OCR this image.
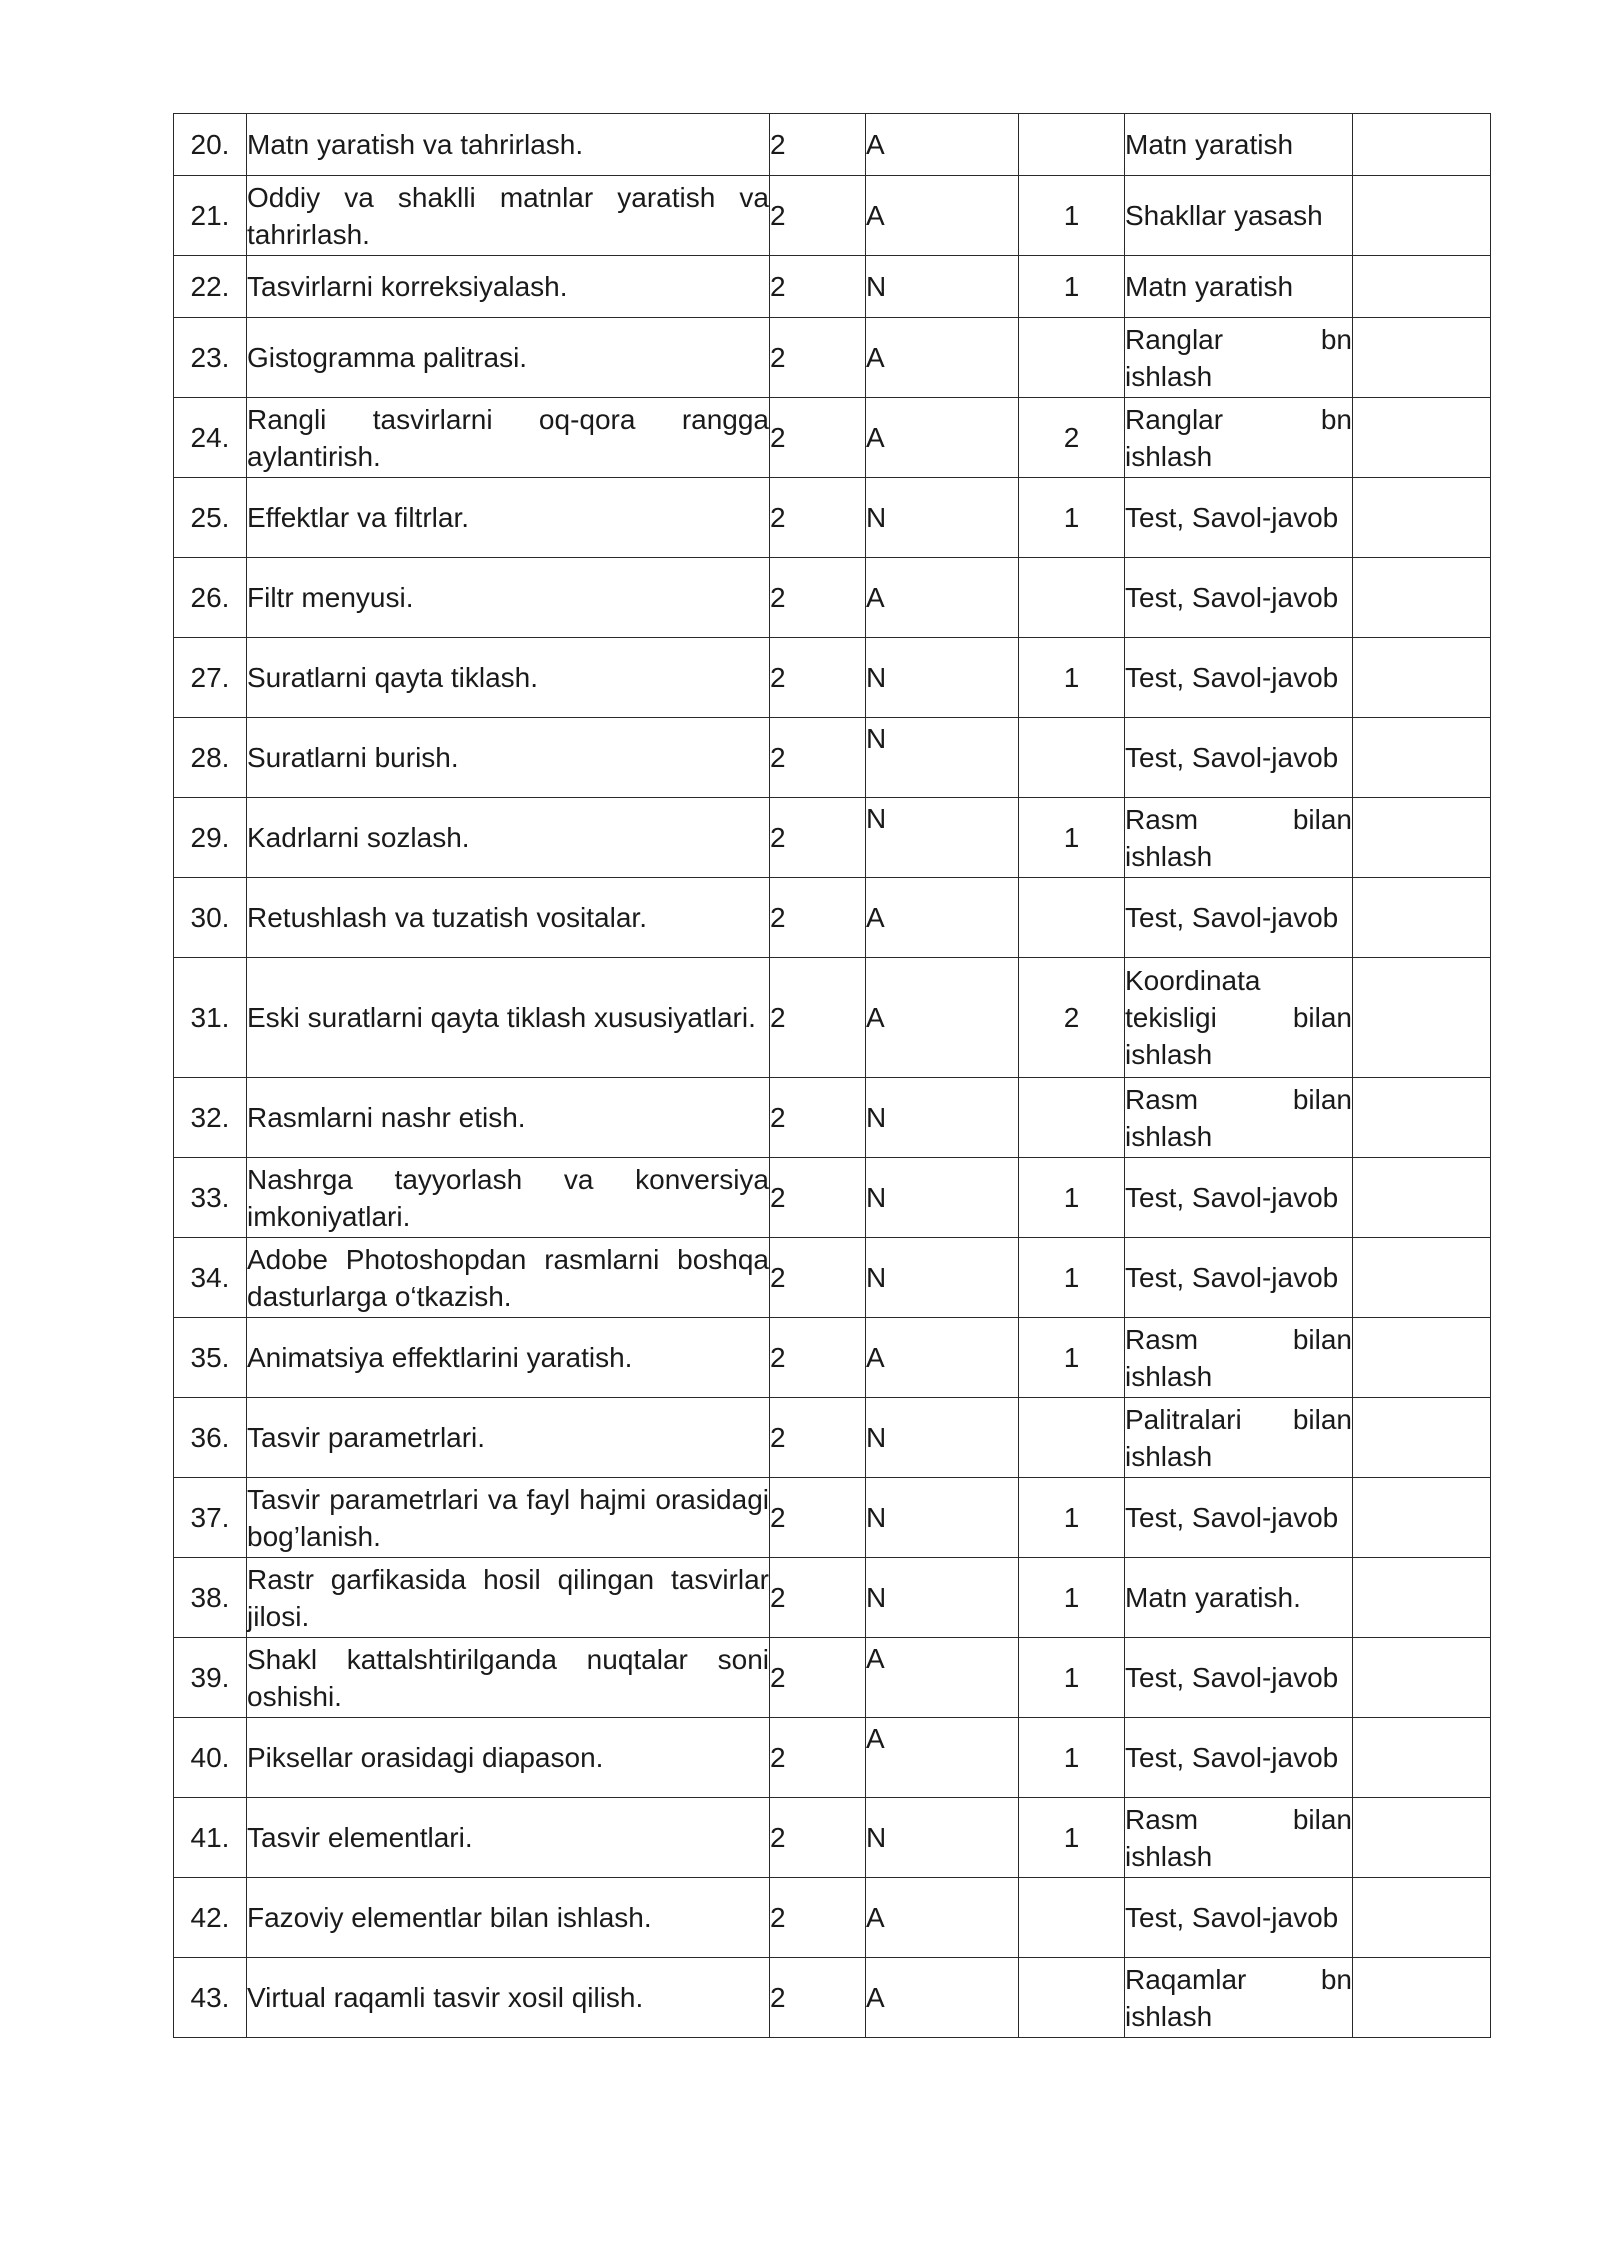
20.	Matn yaratish va tahrirlash.	2	A		Matn yaratish	
21.	Oddiy va shaklli matnlar yaratish va tahrirlash.	2	A	1	Shakllar yasash	
22.	Tasvirlarni korreksiyalash.	2	N	1	Matn yaratish	
23.	Gistogramma palitrasi.	2	A		Ranglar bn ishlash	
24.	Rangli tasvirlarni oq-qora rangga aylantirish.	2	A	2	Ranglar bn ishlash	
25.	Effektlar va filtrlar.	2	N	1	Test, Savol-javob	
26.	Filtr menyusi.	2	A		Test, Savol-javob	
27.	Suratlarni qayta tiklash.	2	N	1	Test, Savol-javob	
28.	Suratlarni burish.	2	N		Test, Savol-javob	
29.	Kadrlarni sozlash.	2	N	1	Rasm bilan ishlash	
30.	Retushlash va tuzatish vositalar.	2	A		Test, Savol-javob	
31.	Eski suratlarni qayta tiklash xususiyatlari.	2	A	2	Koordinata tekisligi bilan ishlash	
32.	Rasmlarni nashr etish.	2	N		Rasm bilan ishlash	
33.	Nashrga tayyorlash va konversiya imkoniyatlari.	2	N	1	Test, Savol-javob	
34.	Adobe Photoshopdan rasmlarni boshqa dasturlarga o‘tkazish.	2	N	1	Test, Savol-javob	
35.	Animatsiya effektlarini yaratish.	2	A	1	Rasm bilan ishlash	
36.	Tasvir parametrlari.	2	N		Palitralari bilan ishlash	
37.	Tasvir parametrlari va fayl hajmi orasidagi bog’lanish.	2	N	1	Test, Savol-javob	
38.	Rastr garfikasida hosil qilingan tasvirlar jilosi.	2	N	1	Matn yaratish.	
39.	Shakl kattalshtirilganda nuqtalar soni oshishi.	2	A	1	Test, Savol-javob	
40.	Piksellar orasidagi diapason.	2	A	1	Test, Savol-javob	
41.	Tasvir elementlari.	2	N	1	Rasm bilan ishlash	
42.	Fazoviy elementlar bilan ishlash.	2	A		Test, Savol-javob	
43.	Virtual raqamli tasvir xosil qilish.	2	A		Raqamlar bn ishlash	
